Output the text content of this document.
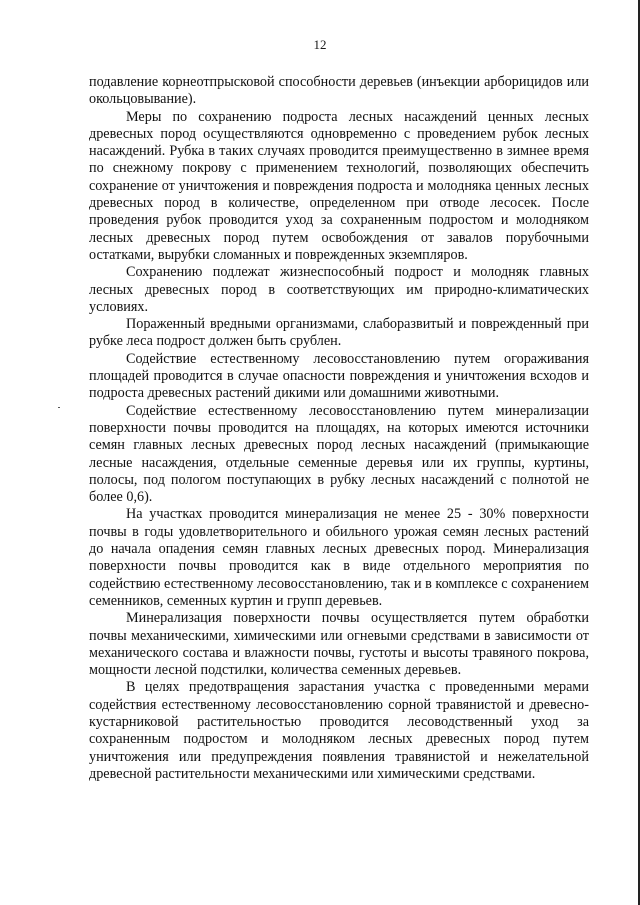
12

подавление корнеотпрысковой способности деревьев (инъекции арборицидов или окольцовывание).

Меры по сохранению подроста лесных насаждений ценных лесных древесных пород осуществляются одновременно с проведением рубок лесных насаждений. Рубка в таких случаях проводится преимущественно в зимнее время по снежному покрову с применением технологий, позволяющих обеспечить сохранение от уничтожения и повреждения подроста и молодняка ценных лесных древесных пород в количестве, определенном при отводе лесосек. После проведения рубок проводится уход за сохраненным подростом и молодняком лесных древесных пород путем освобождения от завалов порубочными остатками, вырубки сломанных и поврежденных экземпляров.

Сохранению подлежат жизнеспособный подрост и молодняк главных лесных древесных пород в соответствующих им природно-климатических условиях.

Пораженный вредными организмами, слаборазвитый и поврежденный при рубке леса подрост должен быть срублен.

Содействие естественному лесовосстановлению путем огораживания площадей проводится в случае опасности повреждения и уничтожения всходов и подроста древесных растений дикими или домашними животными.

Содействие естественному лесовосстановлению путем минерализации поверхности почвы проводится на площадях, на которых имеются источники семян главных лесных древесных пород лесных насаждений (примыкающие лесные насаждения, отдельные семенные деревья или их группы, куртины, полосы, под пологом поступающих в рубку лесных насаждений с полнотой не более 0,6).

На участках проводится минерализация не менее 25 - 30% поверхности почвы в годы удовлетворительного и обильного урожая семян лесных растений до начала опадения семян главных лесных древесных пород. Минерализация поверхности почвы проводится как в виде отдельного мероприятия по содействию естественному лесовосстановлению, так и в комплексе с сохранением семенников, семенных куртин и групп деревьев.

Минерализация поверхности почвы осуществляется путем обработки почвы механическими, химическими или огневыми средствами в зависимости от механического состава и влажности почвы, густоты и высоты травяного покрова, мощности лесной подстилки, количества семенных деревьев.

В целях предотвращения зарастания участка с проведенными мерами содействия естественному лесовосстановлению сорной травянистой и древесно-кустарниковой растительностью проводится лесоводственный уход за сохраненным подростом и молодняком лесных древесных пород путем уничтожения или предупреждения появления травянистой и нежелательной древесной растительности механическими или химическими средствами.
